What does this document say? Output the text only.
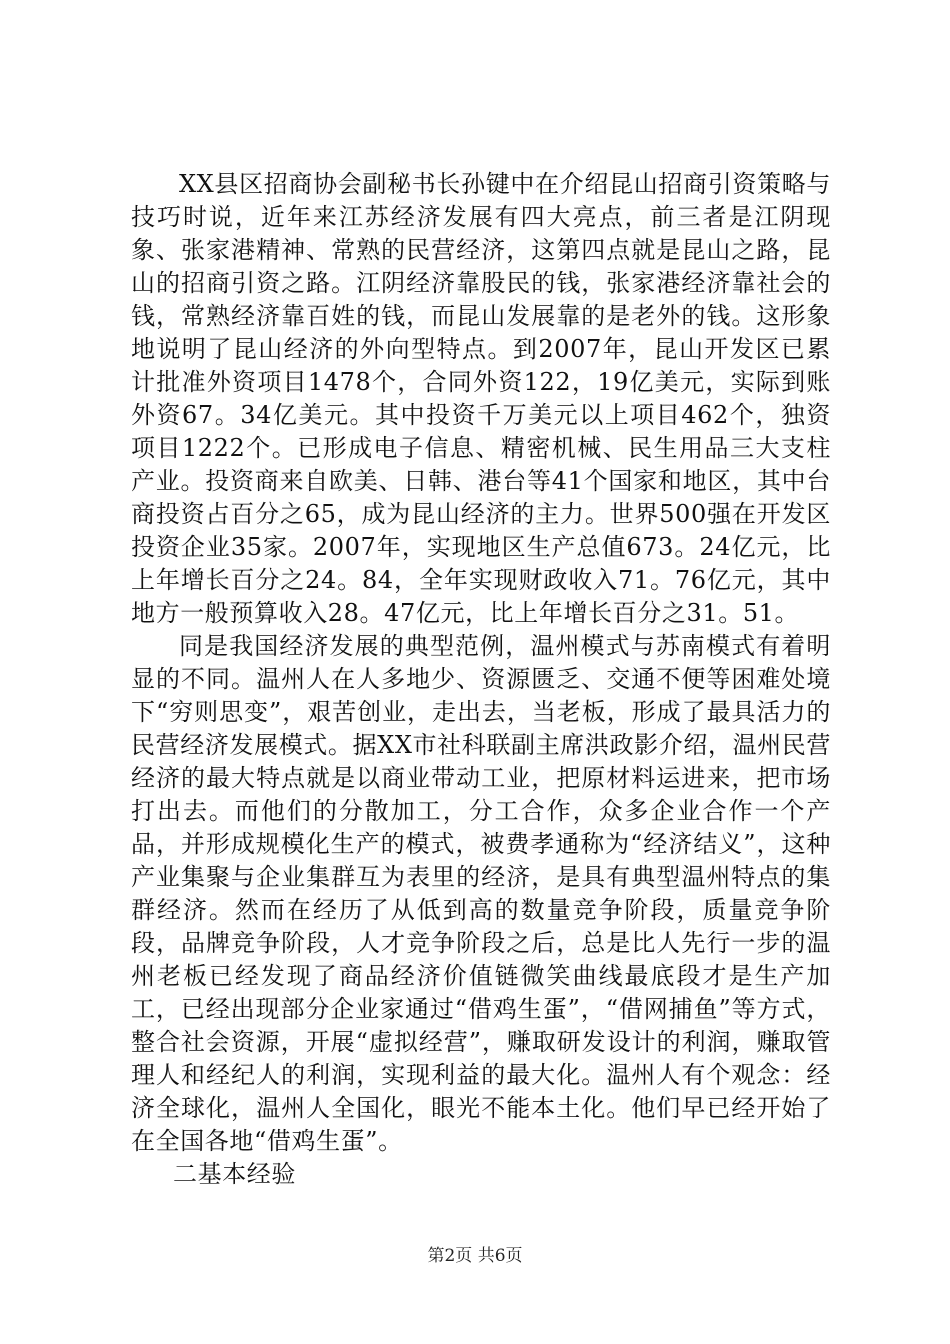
XX县区招商协会副秘书长孙键中在介绍昆山招商引资策略与技巧时说，近年来江苏经济发展有四大亮点，前三者是江阴现象、张家港精神、常熟的民营经济，这第四点就是昆山之路，昆山的招商引资之路。江阴经济靠股民的钱，张家港经济靠社会的钱，常熟经济靠百姓的钱，而昆山发展靠的是老外的钱。这形象地说明了昆山经济的外向型特点。到2007年，昆山开发区已累计批准外资项目1478个，合同外资122，19亿美元，实际到账外资67。34亿美元。其中投资千万美元以上项目462个，独资项目1222个。已形成电子信息、精密机械、民生用品三大支柱产业。投资商来自欧美、日韩、港台等41个国家和地区，其中台商投资占百分之65，成为昆山经济的主力。世界500强在开发区投资企业35家。2007年，实现地区生产总值673。24亿元，比上年增长百分之24。84，全年实现财政收入71。76亿元，其中地方一般预算收入28。47亿元，比上年增长百分之31。51。

同是我国经济发展的典型范例，温州模式与苏南模式有着明显的不同。温州人在人多地少、资源匮乏、交通不便等困难处境下“穷则思变”，艰苦创业，走出去，当老板，形成了最具活力的民营经济发展模式。据XX市社科联副主席洪政影介绍，温州民营经济的最大特点就是以商业带动工业，把原材料运进来，把市场打出去。而他们的分散加工，分工合作，众多企业合作一个产品，并形成规模化生产的模式，被费孝通称为“经济结义”，这种产业集聚与企业集群互为表里的经济，是具有典型温州特点的集群经济。然而在经历了从低到高的数量竞争阶段，质量竞争阶段，品牌竞争阶段，人才竞争阶段之后，总是比人先行一步的温州老板已经发现了商品经济价值链微笑曲线最底段才是生产加工，已经出现部分企业家通过“借鸡生蛋”，“借网捕鱼”等方式，整合社会资源，开展“虚拟经营”，赚取研发设计的利润，赚取管理人和经纪人的利润，实现利益的最大化。温州人有个观念：经济全球化，温州人全国化，眼光不能本土化。他们早已经开始了在全国各地“借鸡生蛋”。

二基本经验

第2页 共6页
